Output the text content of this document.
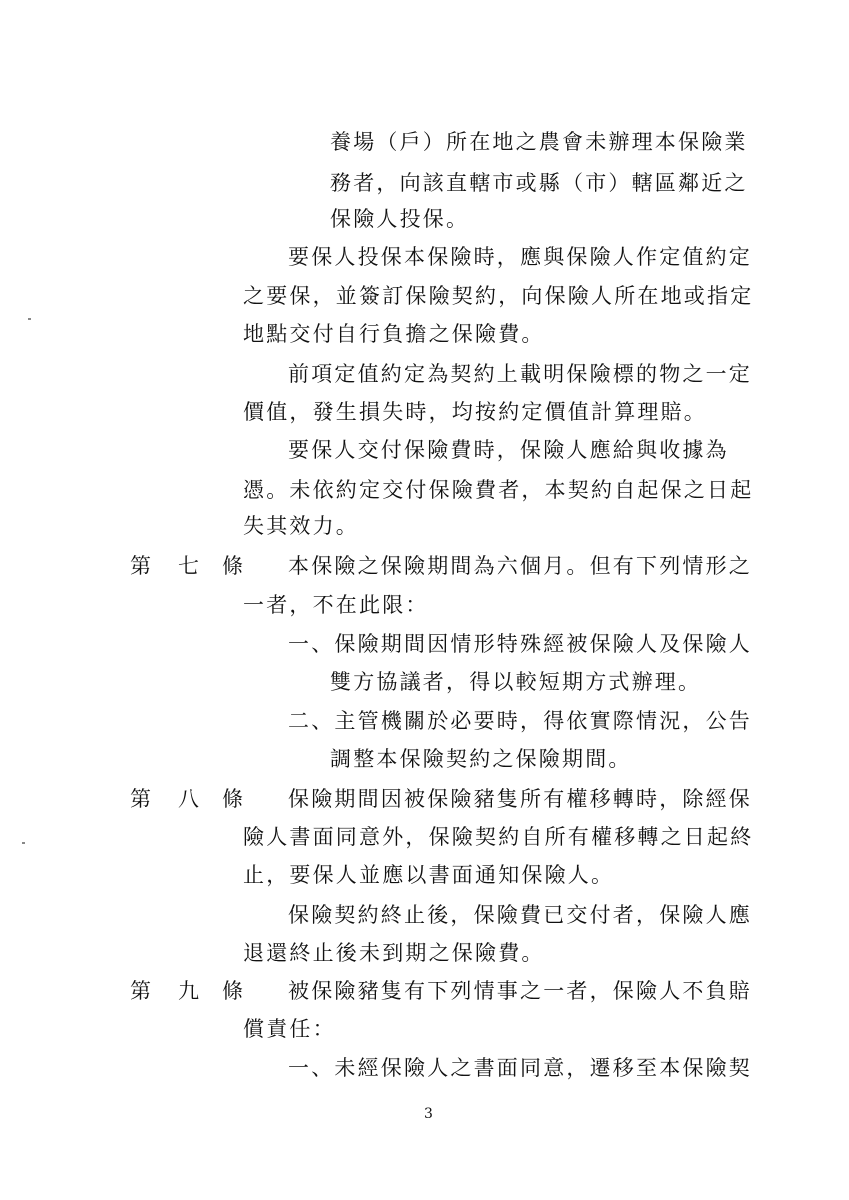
養場（戶）所在地之農會未辦理本保險業
務者，向該直轄市或縣（市）轄區鄰近之
保險人投保。
要保人投保本保險時，應與保險人作定值約定
之要保，並簽訂保險契約，向保險人所在地或指定
地點交付自行負擔之保險費。
前項定值約定為契約上載明保險標的物之一定
價值，發生損失時，均按約定價值計算理賠。
要保人交付保險費時，保險人應給與收據為
憑。未依約定交付保險費者，本契約自起保之日起
失其效力。
第 七 條 本保險之保險期間為六個月。但有下列情形之
一者，不在此限：
一、保險期間因情形特殊經被保險人及保險人
雙方協議者，得以較短期方式辦理。
二、主管機關於必要時，得依實際情況，公告
調整本保險契約之保險期間。
第 八 條 保險期間因被保險豬隻所有權移轉時，除經保
險人書面同意外，保險契約自所有權移轉之日起終
止，要保人並應以書面通知保險人。
保險契約終止後，保險費已交付者，保險人應
退還終止後未到期之保險費。
第 九 條 被保險豬隻有下列情事之一者，保險人不負賠
償責任：
一、未經保險人之書面同意，遷移至本保險契
3
